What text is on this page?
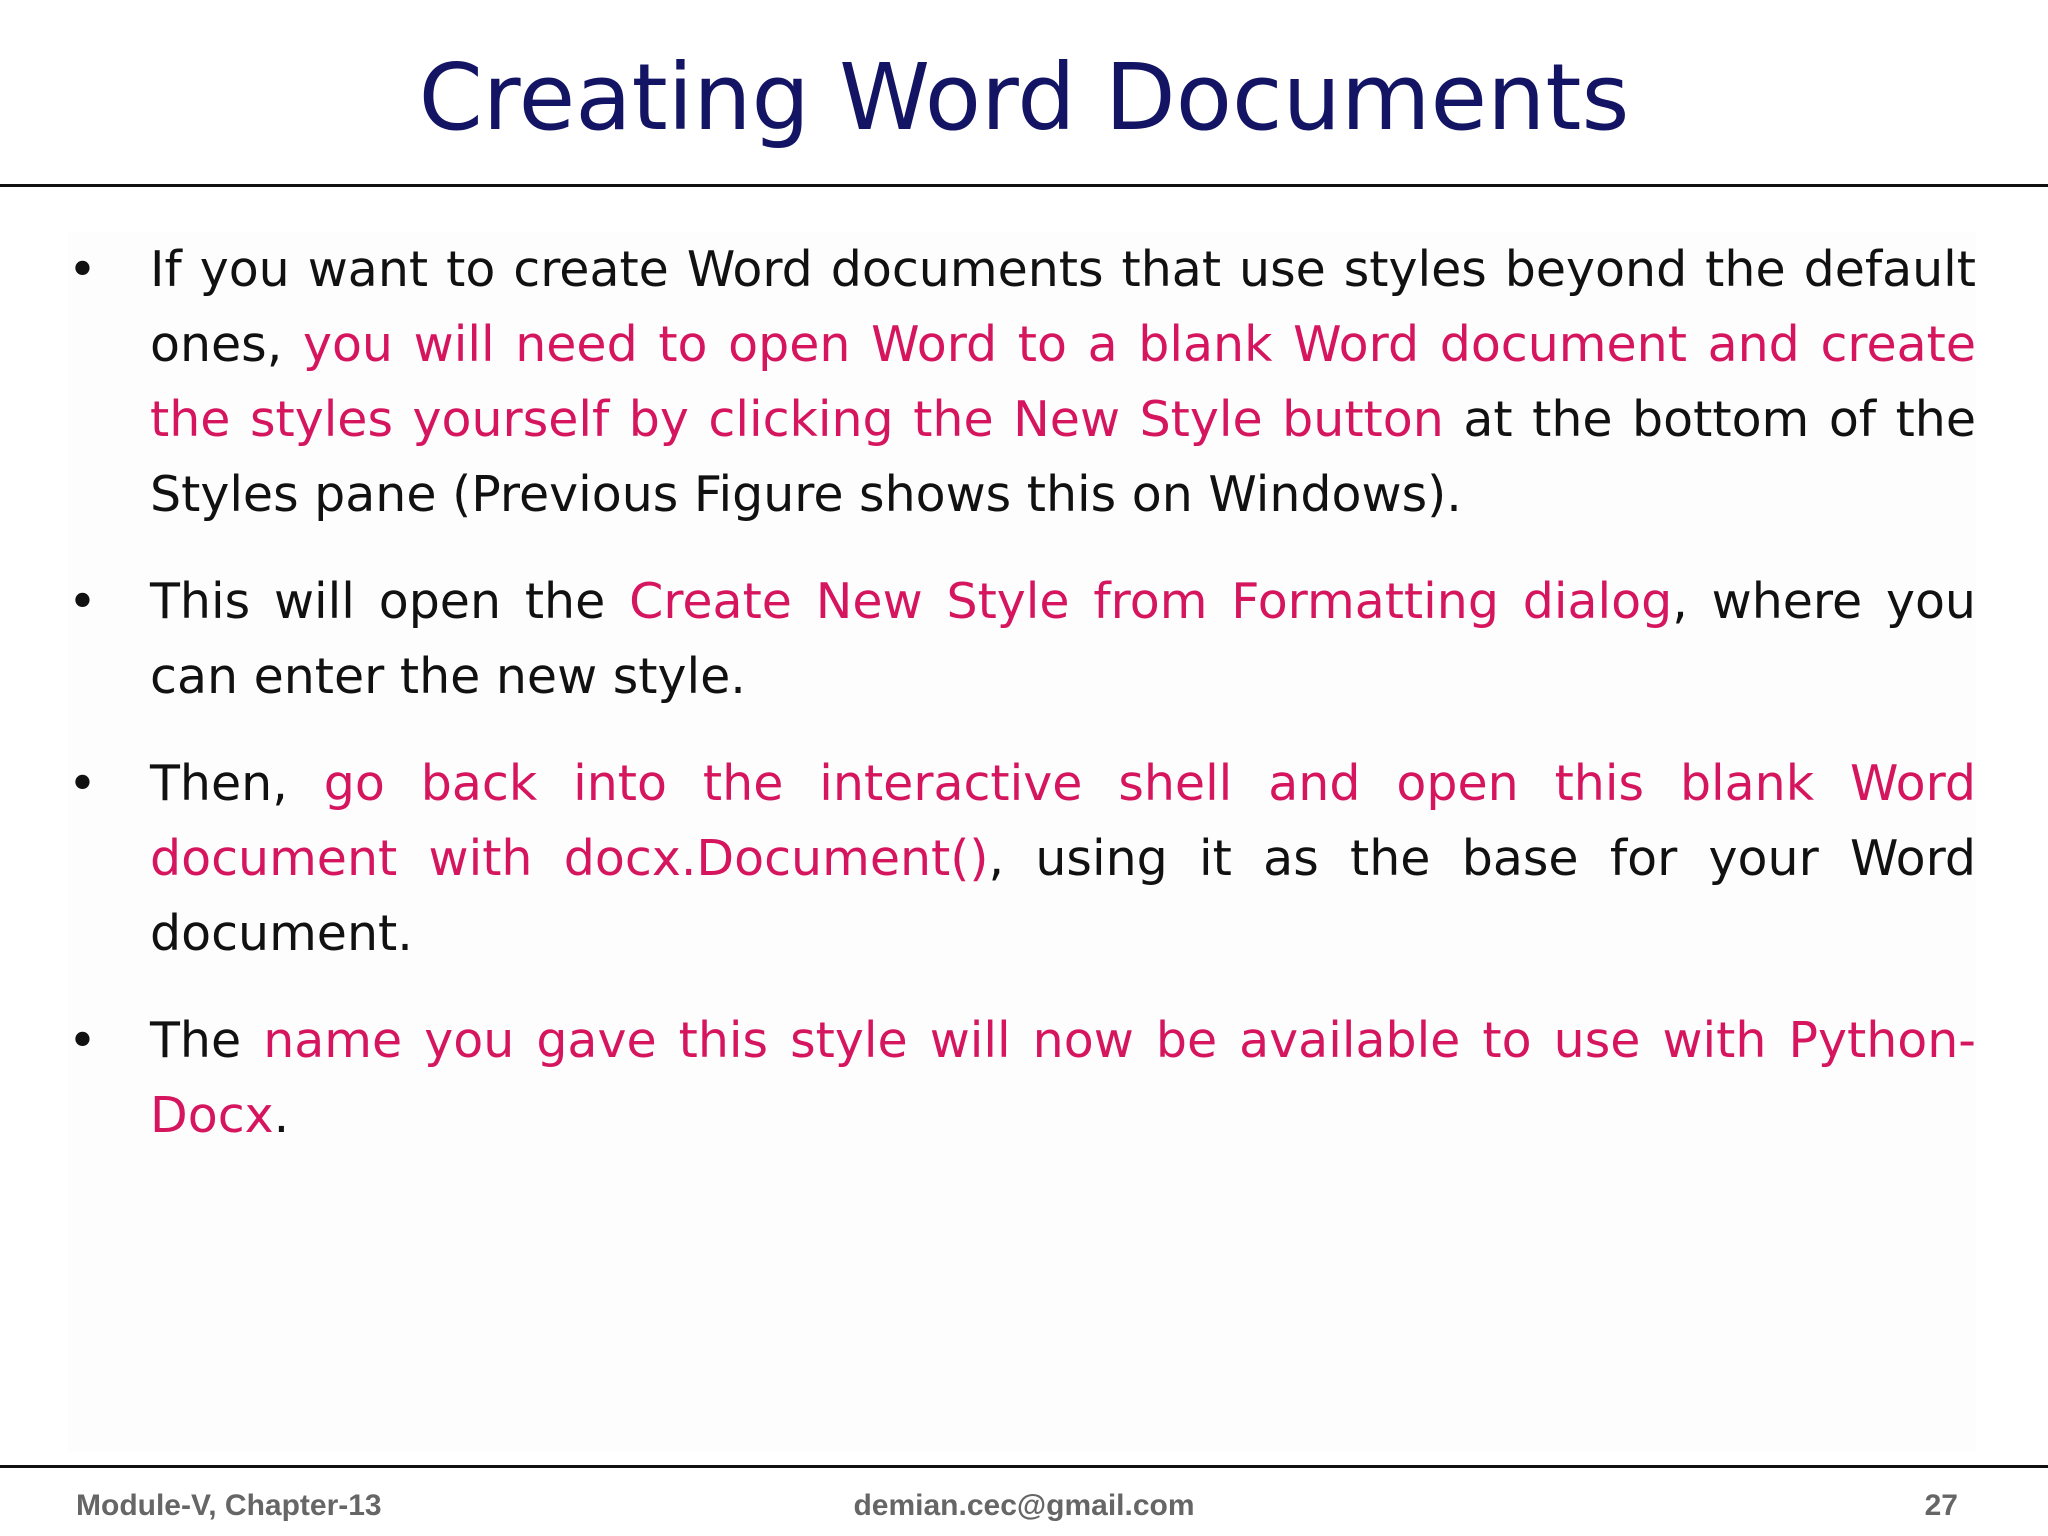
Creating Word Documents
• If you want to create Word documents that use styles beyond the default ones, you will need to open Word to a blank Word document and create the styles yourself by clicking the New Style button at the bottom of the Styles pane (Previous Figure shows this on Windows).
• This will open the Create New Style from Formatting dialog, where you can enter the new style.
• Then, go back into the interactive shell and open this blank Word document with docx.Document(), using it as the base for your Word document.
• The name you gave this style will now be available to use with Python-Docx.
Module-V, Chapter-13	demian.cec@gmail.com	27
